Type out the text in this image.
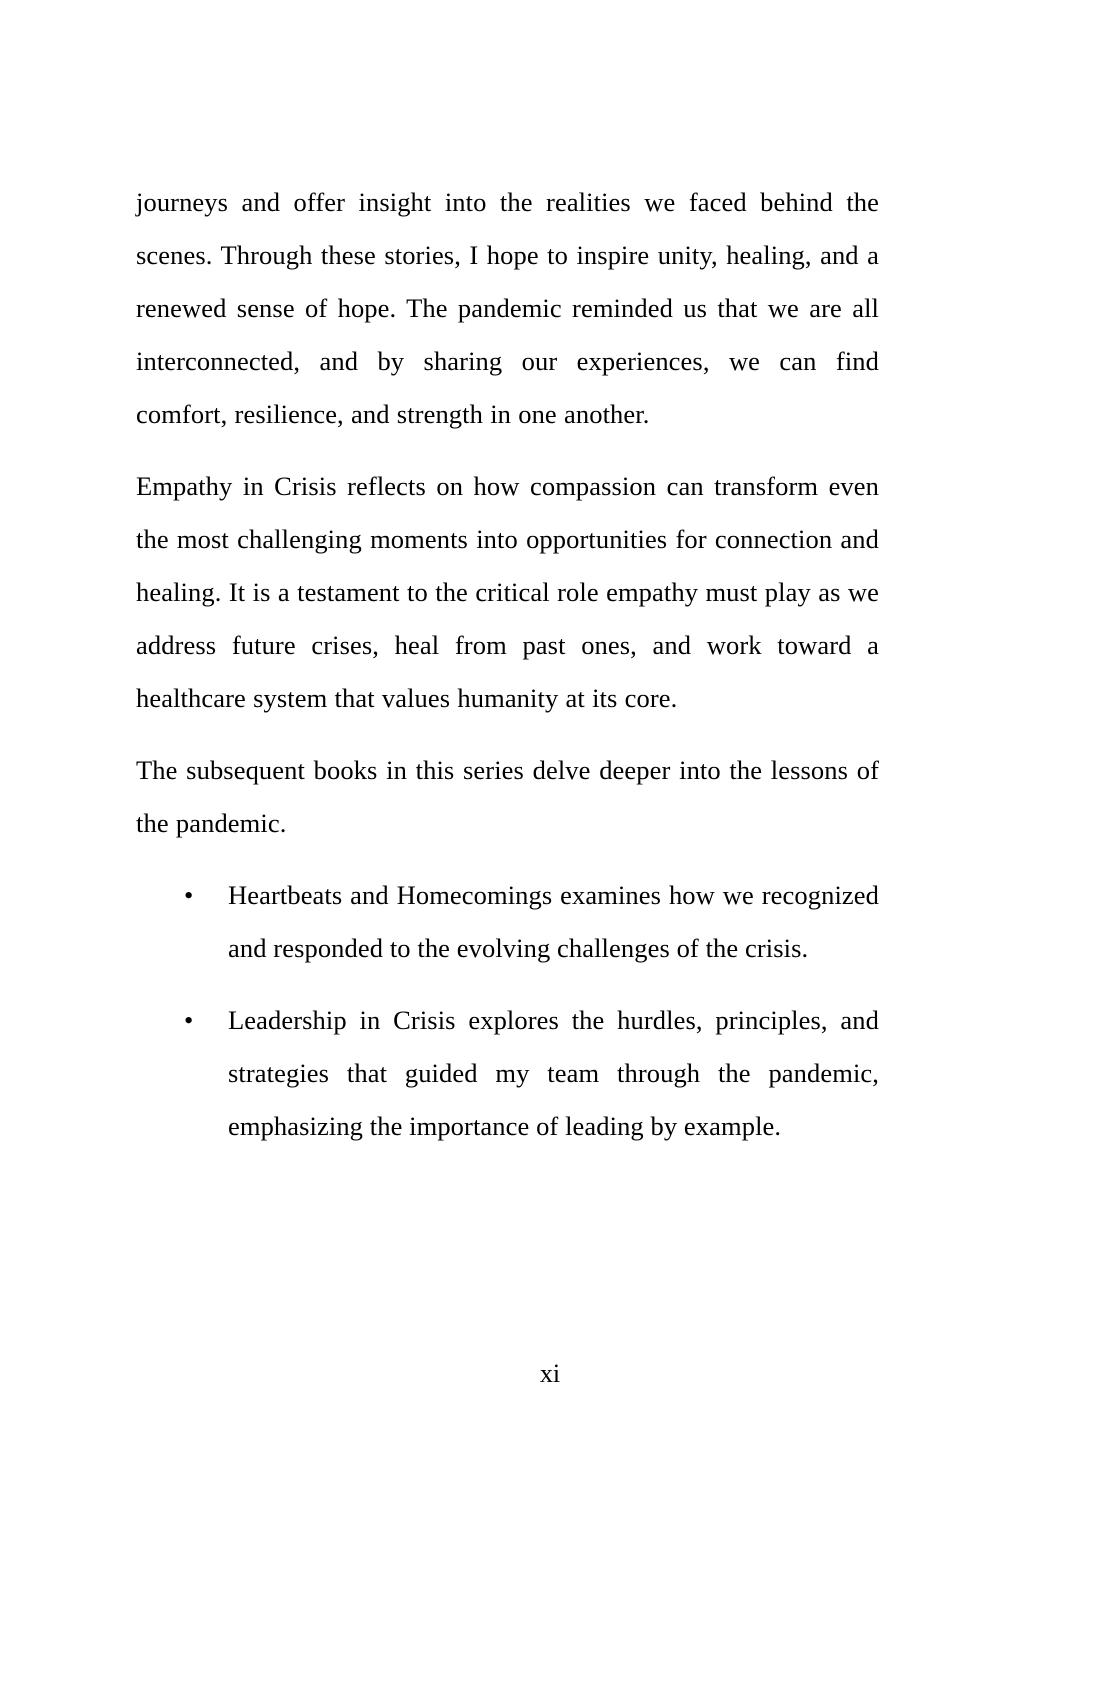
journeys and offer insight into the realities we faced behind the scenes. Through these stories, I hope to inspire unity, healing, and a renewed sense of hope. The pandemic reminded us that we are all interconnected, and by sharing our experiences, we can find comfort, resilience, and strength in one another.

Empathy in Crisis reflects on how compassion can transform even the most challenging moments into opportunities for connection and healing. It is a testament to the critical role empathy must play as we address future crises, heal from past ones, and work toward a healthcare system that values humanity at its core.

The subsequent books in this series delve deeper into the lessons of the pandemic.

• Heartbeats and Homecomings examines how we recognized and responded to the evolving challenges of the crisis.
• Leadership in Crisis explores the hurdles, principles, and strategies that guided my team through the pandemic, emphasizing the importance of leading by example.
xi
